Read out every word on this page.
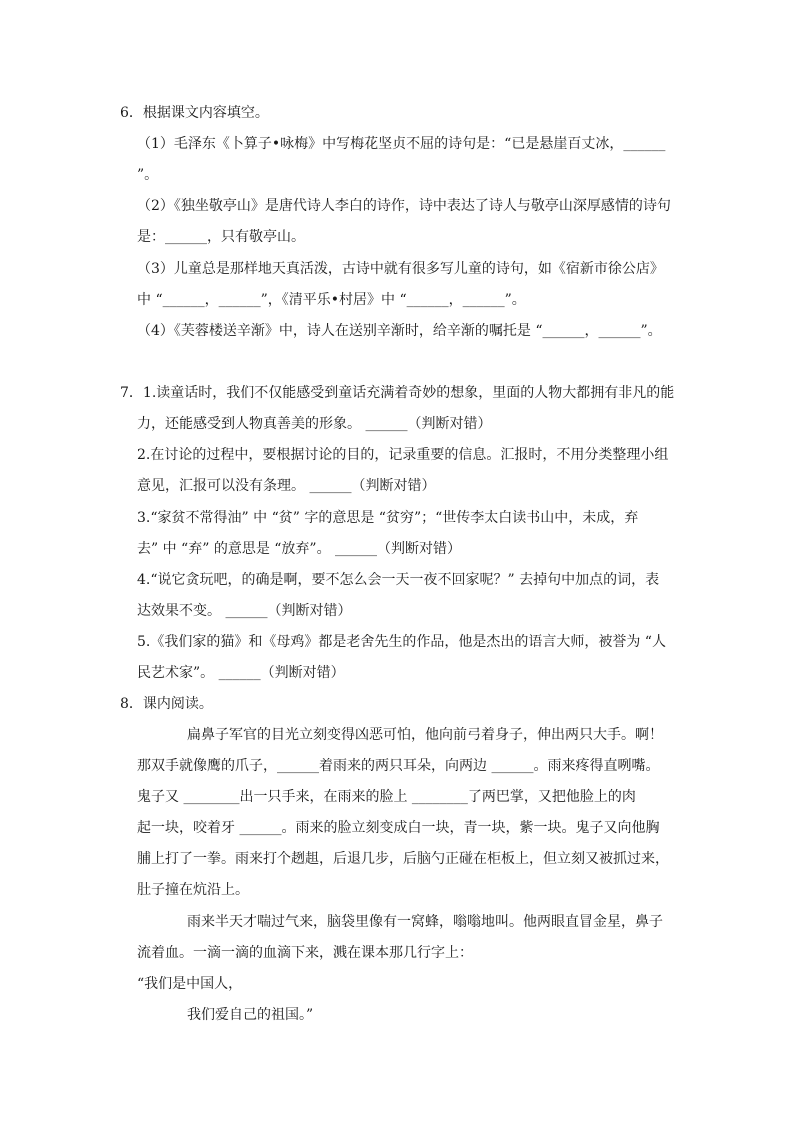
6．根据课文内容填空。
（1）毛泽东《卜算子•咏梅》中写梅花坚贞不屈的诗句是：“已是悬崖百丈冰，______
”。
（2）《独坐敬亭山》是唐代诗人李白的诗作，诗中表达了诗人与敬亭山深厚感情的诗句
是：______，只有敬亭山。
（3）儿童总是那样地天真活泼，古诗中就有很多写儿童的诗句，如《宿新市徐公店》
中 “______，______”，《清平乐•村居》中 “______，______”。
（4）《芙蓉楼送辛渐》中，诗人在送别辛渐时，给辛渐的嘱托是 “______，______”。
7．1.读童话时，我们不仅能感受到童话充满着奇妙的想象，里面的人物大都拥有非凡的能
力，还能感受到人物真善美的形象。 ______（判断对错）
2.在讨论的过程中，要根据讨论的目的，记录重要的信息。汇报时，不用分类整理小组
意见，汇报可以没有条理。 ______（判断对错）
3.“家贫不常得油” 中 “贫” 字的意思是 “贫穷”；“世传李太白读书山中，未成，弃
去” 中 “弃” 的意思是 “放弃”。 ______（判断对错）
4.“说它贪玩吧，的确是啊，要不怎么会一天一夜不回家呢？” 去掉句中加点的词，表
达效果不变。 ______（判断对错）
5.《我们家的猫》和《母鸡》都是老舍先生的作品，他是杰出的语言大师，被誉为 “人
民艺术家”。 ______（判断对错）
8．课内阅读。
扁鼻子军官的目光立刻变得凶恶可怕，他向前弓着身子，伸出两只大手。啊！
那双手就像鹰的爪子，______着雨来的两只耳朵，向两边 ______。雨来疼得直咧嘴。
鬼子又 ________出一只手来，在雨来的脸上 ________了两巴掌，又把他脸上的肉
起一块，咬着牙 ______。雨来的脸立刻变成白一块，青一块，紫一块。鬼子又向他胸
脯上打了一拳。雨来打个趔趄，后退几步，后脑勺正碰在柜板上，但立刻又被抓过来，
肚子撞在炕沿上。
雨来半天才喘过气来，脑袋里像有一窝蜂，嗡嗡地叫。他两眼直冒金星，鼻子
流着血。一滴一滴的血滴下来，溅在课本那几行字上：
“我们是中国人，
我们爱自己的祖国。”
